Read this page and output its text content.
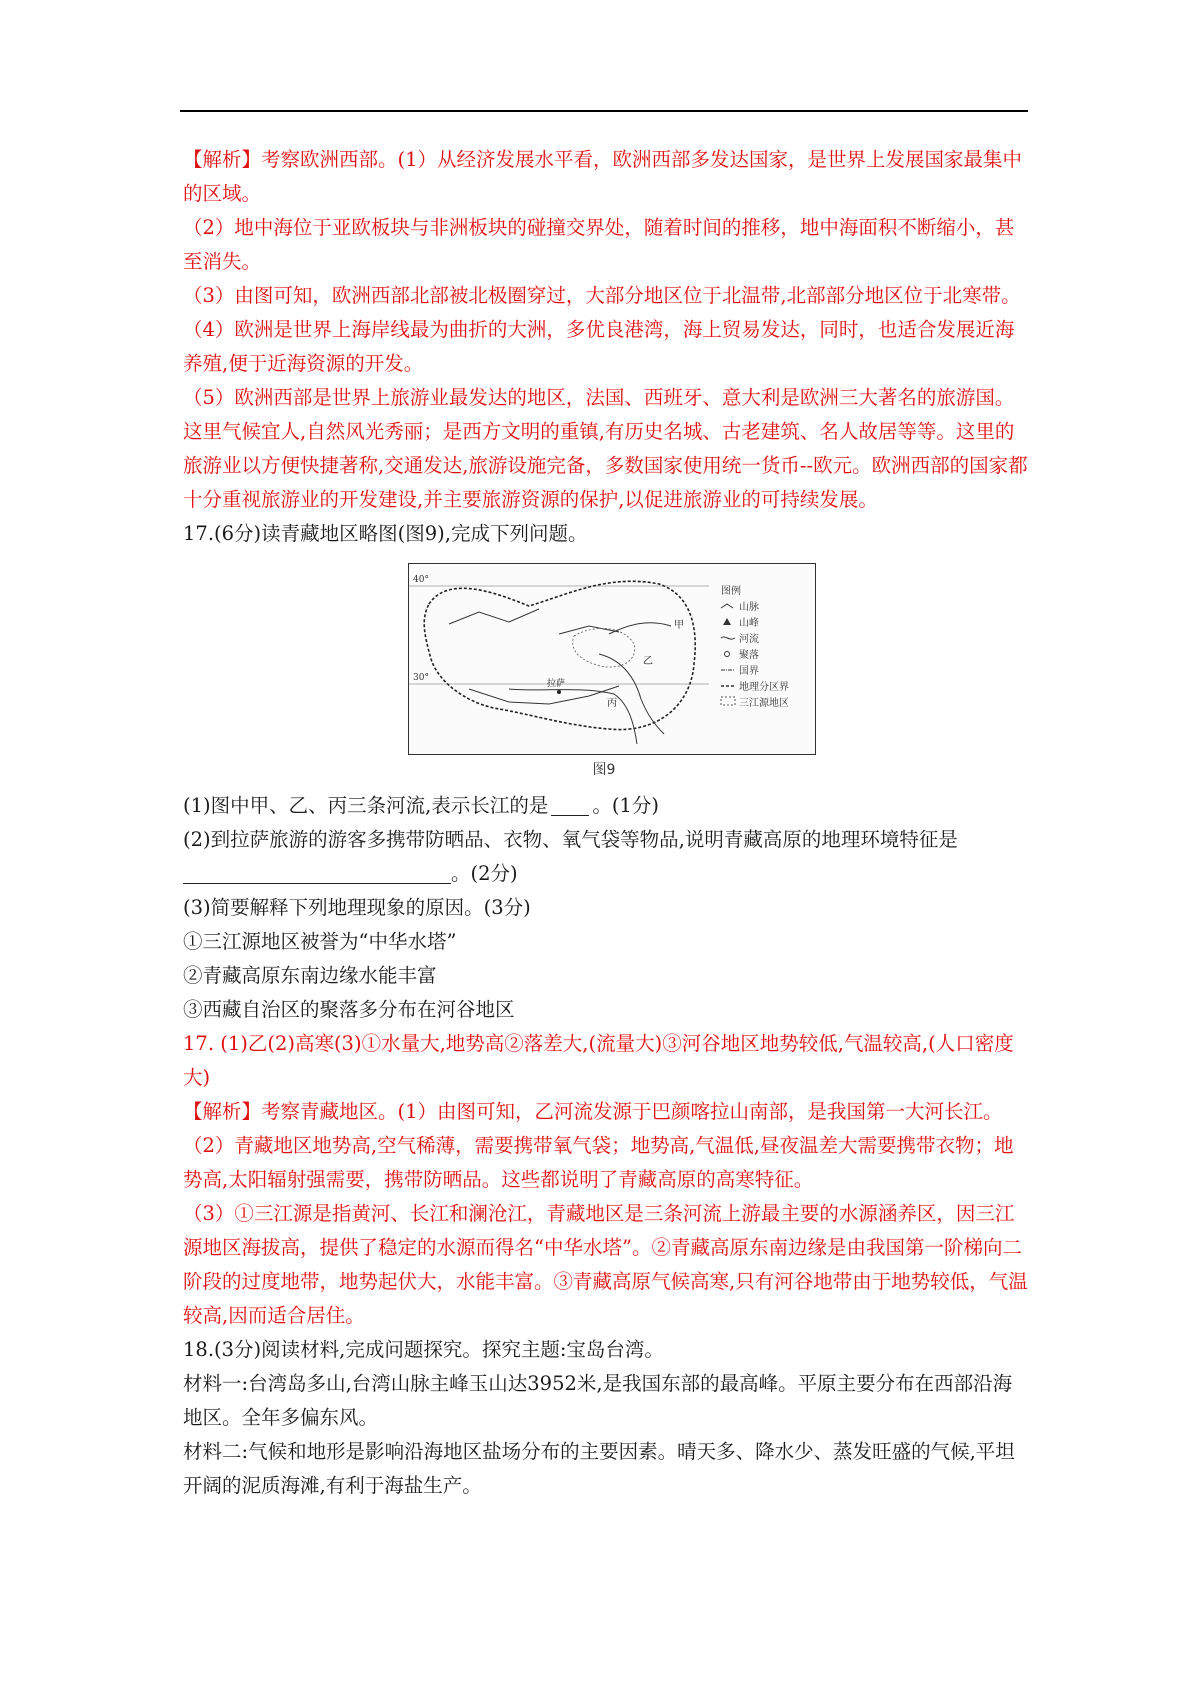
【解析】考察欧洲西部。(1）从经济发展水平看，欧洲西部多发达国家，是世界上发展国家最集中的区域。

（2）地中海位于亚欧板块与非洲板块的碰撞交界处，随着时间的推移，地中海面积不断缩小，甚至消失。

（3）由图可知，欧洲西部北部被北极圈穿过，大部分地区位于北温带,北部部分地区位于北寒带。

（4）欧洲是世界上海岸线最为曲折的大洲，多优良港湾，海上贸易发达，同时，也适合发展近海养殖,便于近海资源的开发。

（5）欧洲西部是世界上旅游业最发达的地区，法国、西班牙、意大利是欧洲三大著名的旅游国。这里气候宜人,自然风光秀丽；是西方文明的重镇,有历史名城、古老建筑、名人故居等等。这里的旅游业以方便快捷著称,交通发达,旅游设施完备，多数国家使用统一货币--欧元。欧洲西部的国家都十分重视旅游业的开发建设,并主要旅游资源的保护,以促进旅游业的可持续发展。

17.(6分)读青藏地区略图(图9),完成下列问题。

40°
30°
甲
乙
丙
拉萨
图例
山脉
山峰
河流
聚落
国界
地理分区界
三江源地区
图9

(1)图中甲、乙、丙三条河流,表示长江的是 。(1分)

(2)到拉萨旅游的游客多携带防晒品、衣物、氧气袋等物品,说明青藏高原的地理环境特征是
。(2分)

(3)简要解释下列地理现象的原因。(3分)

①三江源地区被誉为“中华水塔”

②青藏高原东南边缘水能丰富

③西藏自治区的聚落多分布在河谷地区

17. (1)乙(2)高寒(3)①水量大,地势高②落差大,(流量大)③河谷地区地势较低,气温较高,(人口密度大)

【解析】考察青藏地区。(1）由图可知，乙河流发源于巴颜喀拉山南部，是我国第一大河长江。

（2）青藏地区地势高,空气稀薄，需要携带氧气袋；地势高,气温低,昼夜温差大需要携带衣物；地势高,太阳辐射强需要，携带防晒品。这些都说明了青藏高原的高寒特征。

（3）①三江源是指黄河、长江和澜沧江，青藏地区是三条河流上游最主要的水源涵养区，因三江源地区海拔高，提供了稳定的水源而得名“中华水塔”。②青藏高原东南边缘是由我国第一阶梯向二阶段的过度地带，地势起伏大，水能丰富。③青藏高原气候高寒,只有河谷地带由于地势较低，气温较高,因而适合居住。

18.(3分)阅读材料,完成问题探究。探究主题:宝岛台湾。

材料一:台湾岛多山,台湾山脉主峰玉山达3952米,是我国东部的最高峰。平原主要分布在西部沿海地区。全年多偏东风。

材料二:气候和地形是影响沿海地区盐场分布的主要因素。晴天多、降水少、蒸发旺盛的气候,平坦开阔的泥质海滩,有利于海盐生产。
